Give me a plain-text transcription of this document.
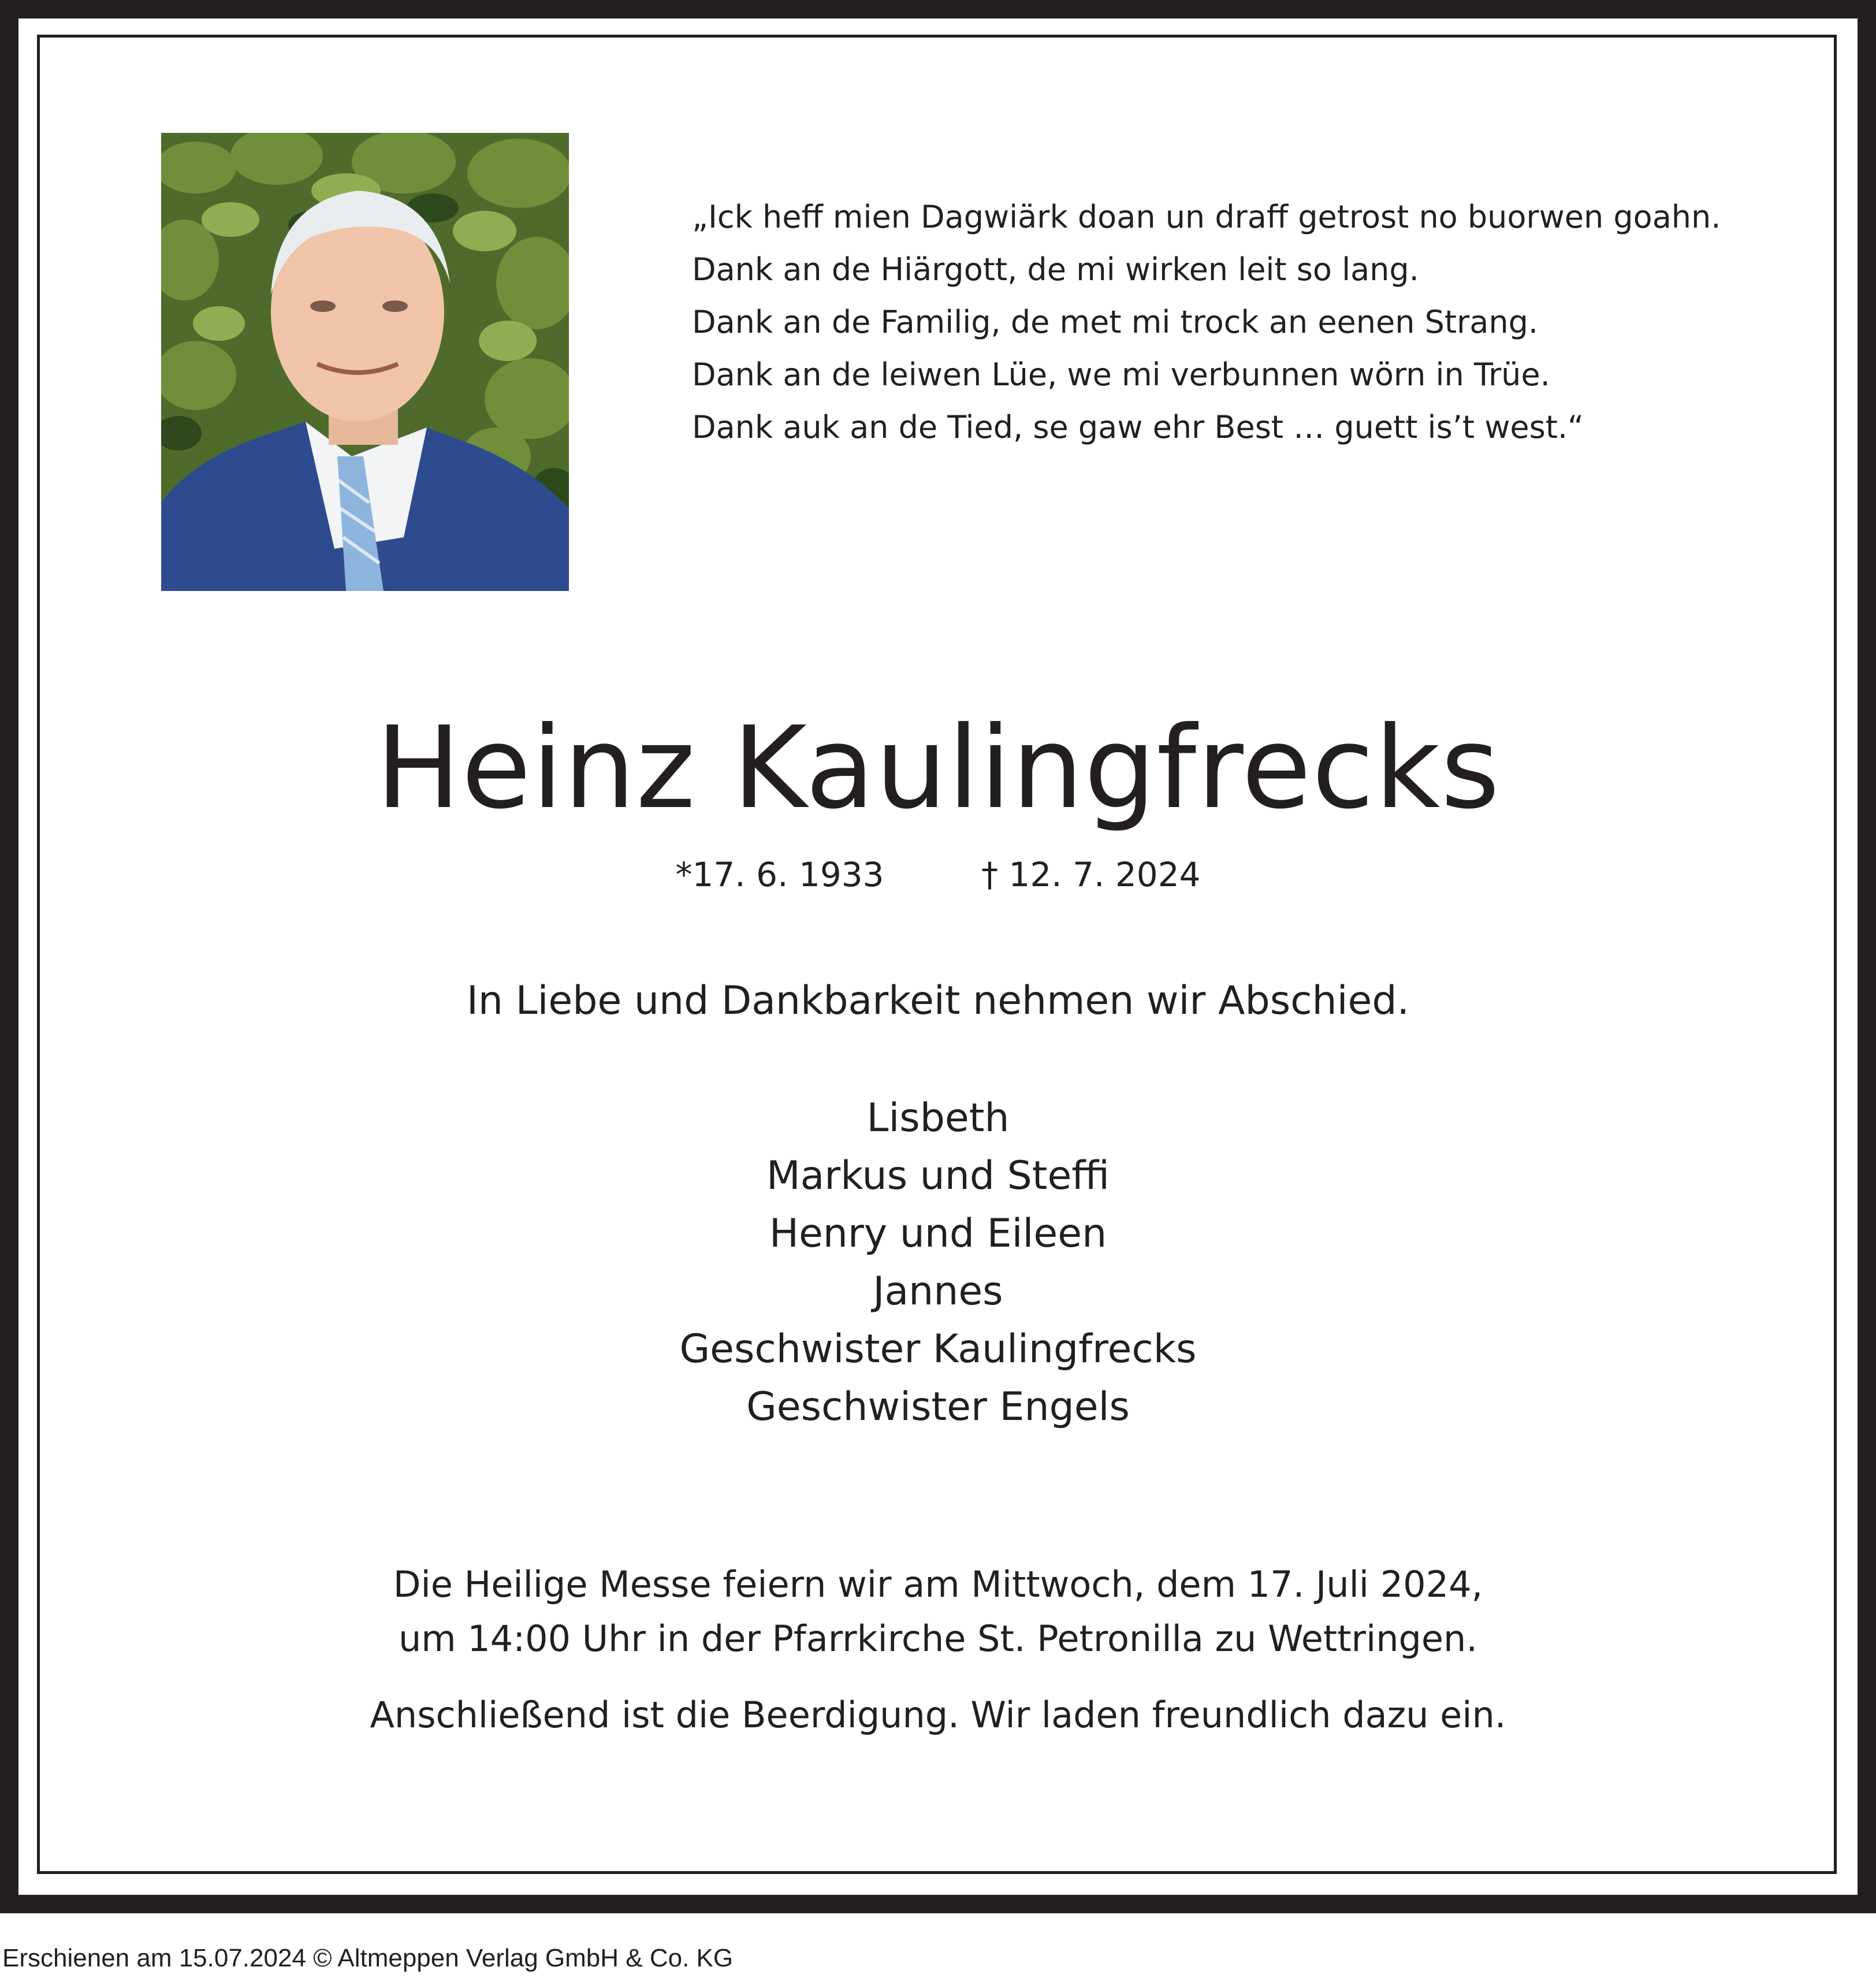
„Ick heff mien Dagwiärk doan un draff getrost no buorwen goahn.
Dank an de Hiärgott, de mi wirken leit so lang.
Dank an de Familig, de met mi trock an eenen Strang.
Dank an de leiwen Lüe, we mi verbunnen wörn in Trüe.
Dank auk an de Tied, se gaw ehr Best … guett is’t west.“
Heinz Kaulingfrecks
*17. 6. 1933	† 12. 7. 2024
In Liebe und Dankbarkeit nehmen wir Abschied.
Lisbeth
Markus und Steffi
Henry und Eileen
Jannes
Geschwister Kaulingfrecks
Geschwister Engels
Die Heilige Messe feiern wir am Mittwoch, dem 17. Juli 2024,
um 14:00 Uhr in der Pfarrkirche St. Petronilla zu Wettringen.
Anschließend ist die Beerdigung. Wir laden freundlich dazu ein.
Erschienen am 15.07.2024 © Altmeppen Verlag GmbH & Co. KG
